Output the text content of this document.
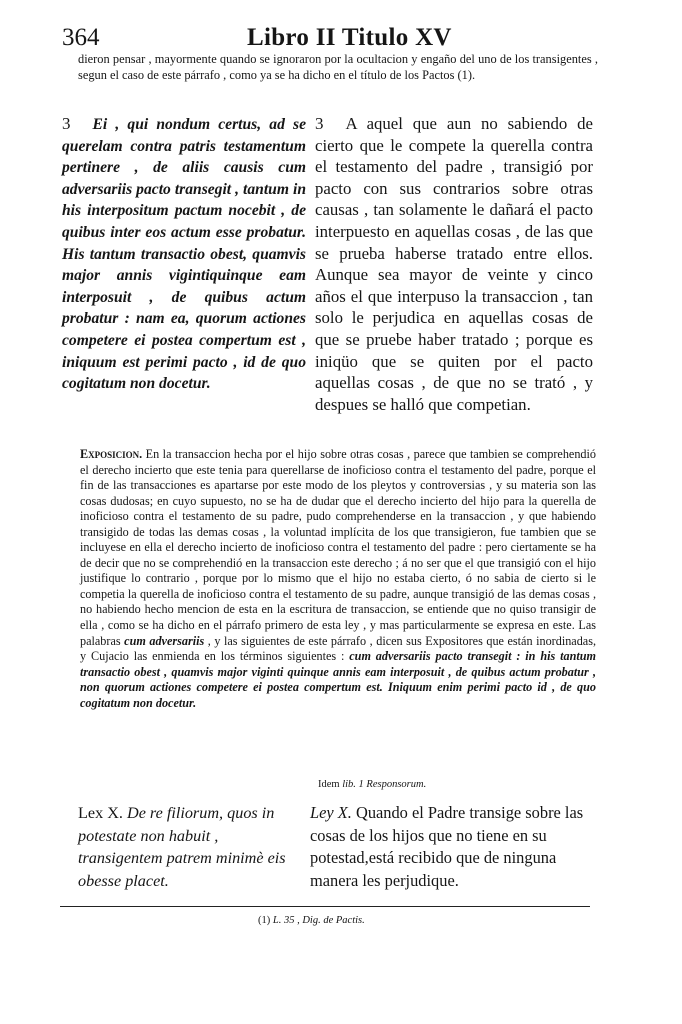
364	Libro II Titulo XV
dieron pensar , mayormente quando se ignoraron por la ocultacion y engaño del uno de los transigentes , segun el caso de este párrafo , como ya se ha dicho en el título de los Pactos (1).
3 Ei , qui nondum certus, ad se querelam contra patris testamentum pertinere , de aliis causis cum adversariis pacto transegit , tantum in his interpositum pactum nocebit , de quibus inter eos actum esse probatur. His tantum transactio obest, quamvis major annis vigintiquinque eam interposuit , de quibus actum probatur : nam ea, quorum actiones competere ei postea compertum est , iniquum est perimi pacto , id de quo cogitatum non docetur.
3 A aquel que aun no sabiendo de cierto que le compete la querella contra el testamento del padre , transigió por pacto con sus contrarios sobre otras causas , tan solamente le dañará el pacto interpuesto en aquellas cosas , de las que se prueba haberse tratado entre ellos. Aunque sea mayor de veinte y cinco años el que interpuso la transaccion , tan solo le perjudica en aquellas cosas de que se pruebe haber tratado ; porque es iniqüo que se quiten por el pacto aquellas cosas , de que no se trató , y despues se halló que competian.
Exposicion. En la transaccion hecha por el hijo sobre otras cosas , parece que tambien se comprehendió el derecho incierto que este tenia para querellarse de inoficioso contra el testamento del padre, porque el fin de las transacciones es apartarse por este modo de los pleytos y controversias , y su materia son las cosas dudosas; en cuyo supuesto, no se ha de dudar que el derecho incierto del hijo para la querella de inoficioso contra el testamento de su padre, pudo comprehenderse en la transaccion , y que habiendo transigido de todas las demas cosas , la voluntad implícita de los que transigieron, fue tambien que se incluyese en ella el derecho incierto de inoficioso contra el testamento del padre : pero ciertamente se ha de decir que no se comprehendió en la transaccion este derecho ; á no ser que el que transigió con el hijo justifique lo contrario , porque por lo mismo que el hijo no estaba cierto, ó no sabia de cierto si le competia la querella de inoficioso contra el testamento de su padre, aunque transigió de las demas cosas , no habiendo hecho mencion de esta en la escritura de transaccion, se entiende que no quiso transigir de ella , como se ha dicho en el párrafo primero de esta ley , y mas particularmente se expresa en este. Las palabras cum adversariis , y las siguientes de este párrafo , dicen sus Expositores que están inordinadas, y Cujacio las enmienda en los términos siguientes : cum adversariis pacto transegit : in his tantum transactio obest , quamvis major viginti quinque annis eam interposuit , de quibus actum probatur , non quorum actiones competere ei postea compertum est. Iniquum enim perimi pacto id , de quo cogitatum non docetur.
Idem lib. 1 Responsorum.
Lex X. De re filiorum, quos in potestate non habuit , transigentem patrem minimè eis obesse placet.
Ley X. Quando el Padre transige sobre las cosas de los hijos que no tiene en su potestad,está recibido que de ninguna manera les perjudique.
(1) L. 35 , Dig. de Pactis.
